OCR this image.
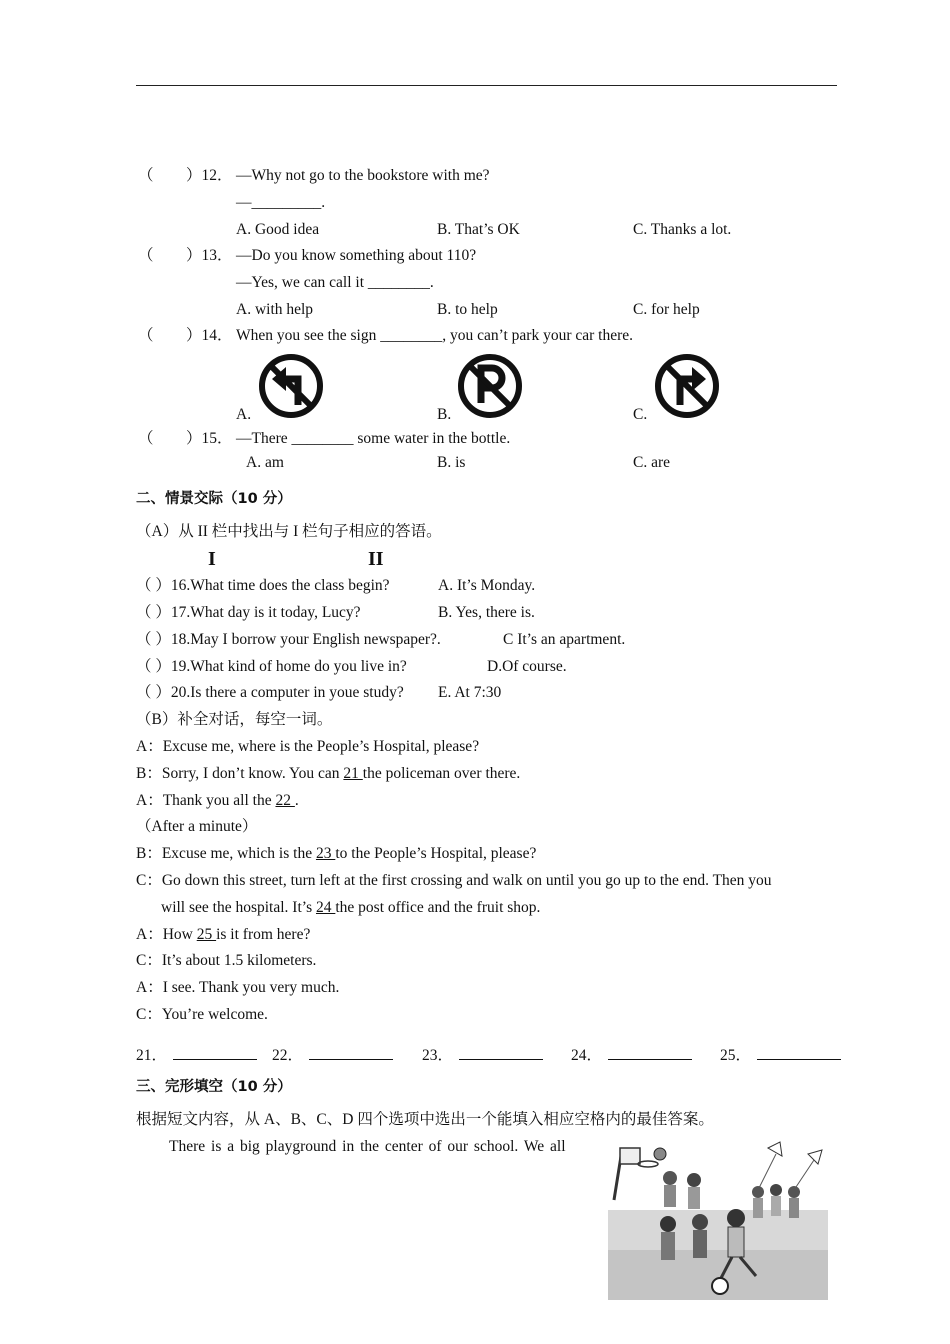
（ ）12． —Why not go to the bookstore with me?
—_________.
A. Good idea	B. That’s OK	C. Thanks a lot.
（ ）13． —Do you know something about 110?
—Yes, we can call it ________.
A. with help	B. to help	C. for help
（ ）14． When you see the sign ________, you can’t park your car there.
A.	B.	C.
（ ）15． —There ________ some water in the bottle.
A. am	B. is	C. are
二、情景交际（10 分）
（A）从 II 栏中找出与 I 栏句子相应的答语。
I	II
（ ）16.What time does the class begin?	A. It’s Monday.
（ ）17.What day is it today, Lucy?	B. Yes, there is.
（ ）18.May I borrow your English newspaper?.	C It’s an apartment.
（ ）19.What kind of home do you live in?	D.Of course.
（ ）20.Is there a computer in youe study? E. At 7:30
（B）补全对话，每空一词。
A：Excuse me, where is the People’s Hospital, please?
B：Sorry, I don’t know. You can 21 the policeman over there.
A：Thank you all the 22 .
（After a minute）
B：Excuse me, which is the 23 to the People’s Hospital, please?
C：Go down this street, turn left at the first crossing and walk on until you go up to the end. Then you
will see the hospital. It’s 24 the post office and the fruit shop.
A：How 25 is it from here?
C：It’s about 1.5 kilometers.
A：I see. Thank you very much.
C：You’re welcome.
21．	22．	23．	24．	25．
三、完形填空（10 分）
根据短文内容，从 A、B、C、D 四个选项中选出一个能填入相应空格内的最佳答案。
There is a big playground in the center of our school. We all
